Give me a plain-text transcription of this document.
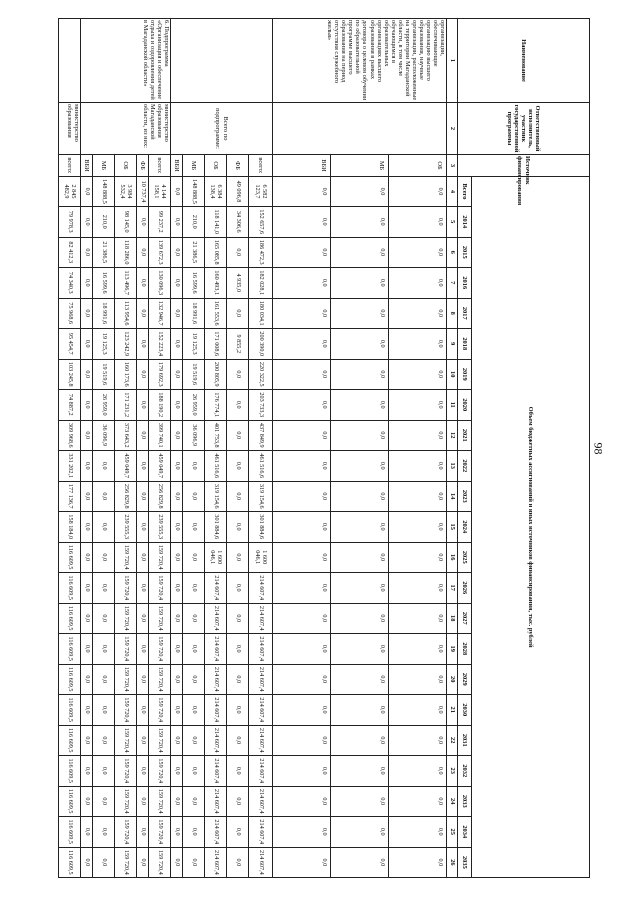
98
Наименование	Ответственный исполнитель, участник государственной программы	Источник финансирования	Объем бюджетных ассигнований и иных источников финансирования, тыс. рублей																						
			Всего	2014	2015	2016	2017	2018	2019	2020	2021	2022	2023	2024	2025	2026	2027	2028	2029	2030	2031	2032	2033	2034	2035
1	2	3	4	5	6	7	8	9	10	11	12	13	14	15	16	17	18	19	20	21	22	23	24	25	26
организации, обеспечивающие организацию высшего образования, научные организации, расположенные на территории Магаданской области, в том числе обучающимся в образовательных организациях высшего образования в рамках договора о целевом обучении по образовательной программе высшего образования на период отсутствия служебного жилья»		ОБ	0,0	0,0	0,0	0,0	0,0	0,0	0,0	0,0	0,0	0,0	0,0	0,0	0,0	0,0	0,0	0,0	0,0	0,0	0,0	0,0	0,0	0,0	0,0
		МБ	0,0	0,0	0,0	0,0	0,0	0,0	0,0	0,0	0,0	0,0	0,0	0,0	0,0	0,0	0,0	0,0	0,0	0,0	0,0	0,0	0,0	0,0	0,0
		ВБИ	0,0	0,0	0,0	0,0	0,0	0,0	0,0	0,0	0,0	0,0	0,0	0,0	0,0	0,0	0,0	0,0	0,0	0,0	0,0	0,0	0,0	0,0	0,0
	Всего по подпрограмме:	всего:	6 582 123,7	152 657,6	186 472,3	182 028,1	180 034,1	200 390,0	220 322,5	203 733,3	437 849,9	461 516,6	319 154,6	301 884,6	1 600 046,1	214 607,4	214 607,4	214 607,4	214 607,4	214 607,4	214 607,4	214 607,4	214 607,4	214 607,4	214 607,4
		ФБ	49 096,8	34 306,6	0,0	4 935,0	0,0	9 855,2	0,0	0,0	0,0	0,0	0,0	0,0	0,0	0,0	0,0	0,0	0,0	0,0	0,0	0,0	0,0	0,0	0,0
		ОБ	6 384 138,4	118 141,0	165 085,8	160 493,1	161 553,6	171 008,6	200 805,9	176 774,1	401 753,8	461 516,6	319 154,6	301 884,6	1 600 046,1	214 607,4	214 607,4	214 607,4	214 607,4	214 607,4	214 607,4	214 607,4	214 607,4	214 607,4	214 607,4
		МБ	148 888,5	210,0	21 386,5	16 599,6	18 991,6	19 125,3	19 519,6	26 959,0	36 096,9	0,0	0,0	0,0	0,0	0,0	0,0	0,0	0,0	0,0	0,0	0,0	0,0	0,0	0,0
		ВБИ	0,0	0,0	0,0	0,0	0,0	0,0	0,0	0,0	0,0	0,0	0,0	0,0	0,0	0,0	0,0	0,0	0,0	0,0	0,0	0,0	0,0	0,0	0,0
6. Подпрограмма «Организация и обеспечение отдыха и оздоровления детей в Магаданской области»	министерство образования Магаданской области, из них:	всего:	4 144 158,1	99 237,2	139 672,3	130 096,3	132 946,7	152 223,4	179 692,3	188 190,2	399 740,1	459 049,7	256 829,8	239 555,3	159 720,4	159 720,4	159 720,4	159 720,4	159 720,4	159 720,4	159 720,4	159 720,4	159 720,4	159 720,4	159 720,4
		ФБ	10 737,4	0,0	0,0	0,0	0,0	0,0	0,0	0,0	0,0	0,0	0,0	0,0	0,0	0,0	0,0	0,0	0,0	0,0	0,0	0,0	0,0	0,0	0,0
		ОБ	3 984 532,4	98 145,0	118 286,0	113 496,7	113 954,6	123 242,9	160 173,6	171 231,2	373 643,2	459 049,7	256 829,8	239 555,3	159 720,4	159 720,4	159 720,4	159 720,4	159 720,4	159 720,4	159 720,4	159 720,4	159 720,4	159 720,4	159 720,4
		МБ	148 888,5	210,0	21 386,5	16 599,6	18 991,6	19 125,3	19 519,6	26 959,0	36 096,9	0,0	0,0	0,0	0,0	0,0	0,0	0,0	0,0	0,0	0,0	0,0	0,0	0,0	0,0
		ВБИ	0,0	0,0	0,0	0,0	0,0	0,0	0,0	0,0	0,0	0,0	0,0	0,0	0,0	0,0	0,0	0,0	0,0	0,0	0,0	0,0	0,0	0,0	0,0
	министерство образования	всего:	2 845 482,9	79 978,3	82 412,3	74 340,3	75 968,6	95 454,7	103 245,8	74 887,2	309 968,6	331 202,1	177 136,7	158 184,0	116 609,5	116 609,5	116 609,5	116 609,5	116 609,5	116 609,5	116 609,5	116 609,5	116 609,5	116 609,5	116 609,5
